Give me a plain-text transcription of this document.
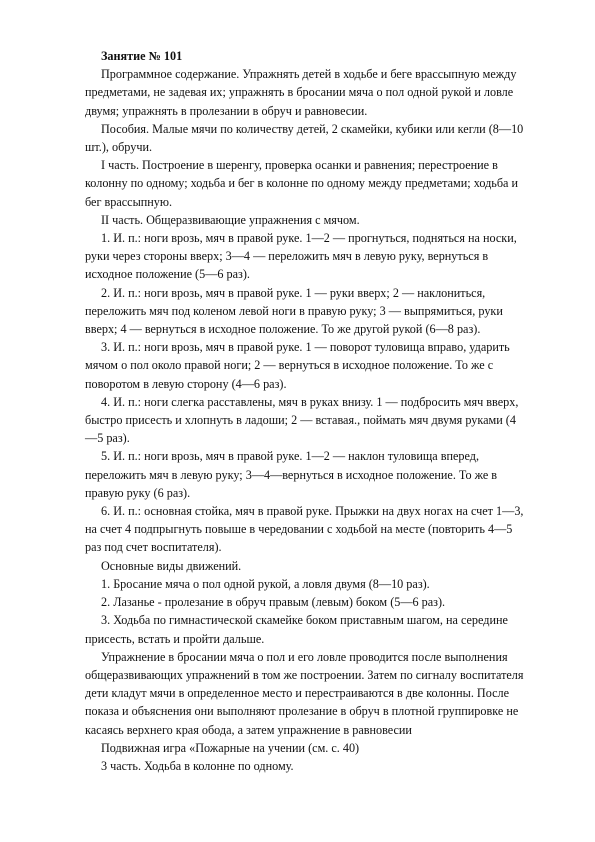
Занятие № 101

Программное содержание. Упражнять детей в ходьбе и беге врассыпную между предметами, не задевая их; упражнять в бросании мяча о пол одной рукой и ловле двумя; упражнять в пролезании в обруч и равновесии.

Пособия. Малые мячи по количеству детей, 2 скамейки, кубики или кегли (8—10 шт.), обручи.

I часть. Построение в шеренгу, проверка осанки и равнения; перестроение в колонну по одному; ходьба и бег в колонне по одному между предметами; ходьба и бег врассыпную.

II часть. Общеразвивающие упражнения с мячом.

1. И. п.: ноги врозь, мяч в правой руке. 1—2 — прогнуться, подняться на носки, руки через стороны вверх; 3—4 — переложить мяч в левую руку, вернуться в исходное положение (5—6 раз).

2. И. п.: ноги врозь, мяч в правой руке. 1 — руки вверх; 2 — наклониться, переложить мяч под коленом левой ноги в правую руку; 3 — выпрямиться, руки вверх; 4 — вернуться в исходное положение. То же другой рукой (6—8 раз).

3. И. п.: ноги врозь, мяч в правой руке. 1 — поворот туловища вправо, ударить мячом о пол около правой ноги; 2 — вернуться в исходное положение. То же с поворотом в левую сторону (4—6 раз).

4. И. п.: ноги слегка расставлены, мяч в руках внизу. 1 — подбросить мяч вверх, быстро присесть и хлопнуть в ладоши; 2 — вставая., поймать мяч двумя руками (4—5 раз).

5. И. п.: ноги врозь, мяч в правой руке. 1—2 — наклон туловища вперед, переложить мяч в левую руку; 3—4—вернуться в исходное положение. То же в правую руку (6 раз).

6. И. п.: основная стойка, мяч в правой руке. Прыжки на двух ногах на счет 1—3, на счет 4 подпрыгнуть повыше в чередовании с ходьбой на месте (повторить 4—5 раз под счет воспитателя).

Основные виды движений.

1. Бросание мяча о пол одной рукой, а ловля двумя (8—10 раз).

2. Лазанье - пролезание в обруч правым (левым) боком (5—6 раз).

3. Ходьба по гимнастической скамейке боком приставным шагом, на середине присесть, встать и пройти дальше.

Упражнение в бросании мяча о пол и его ловле проводится после выполнения общеразвивающих упражнений в том же построении. Затем по сигналу воспитателя дети кладут мячи в определенное место и перестраиваются в две колонны. После показа и объяснения они выполняют пролезание в обруч в плотной группировке не касаясь верхнего края обода, а затем упражнение в равновесии

Подвижная игра «Пожарные на учении (см. с. 40)

3 часть. Ходьба в колонне по одному.
